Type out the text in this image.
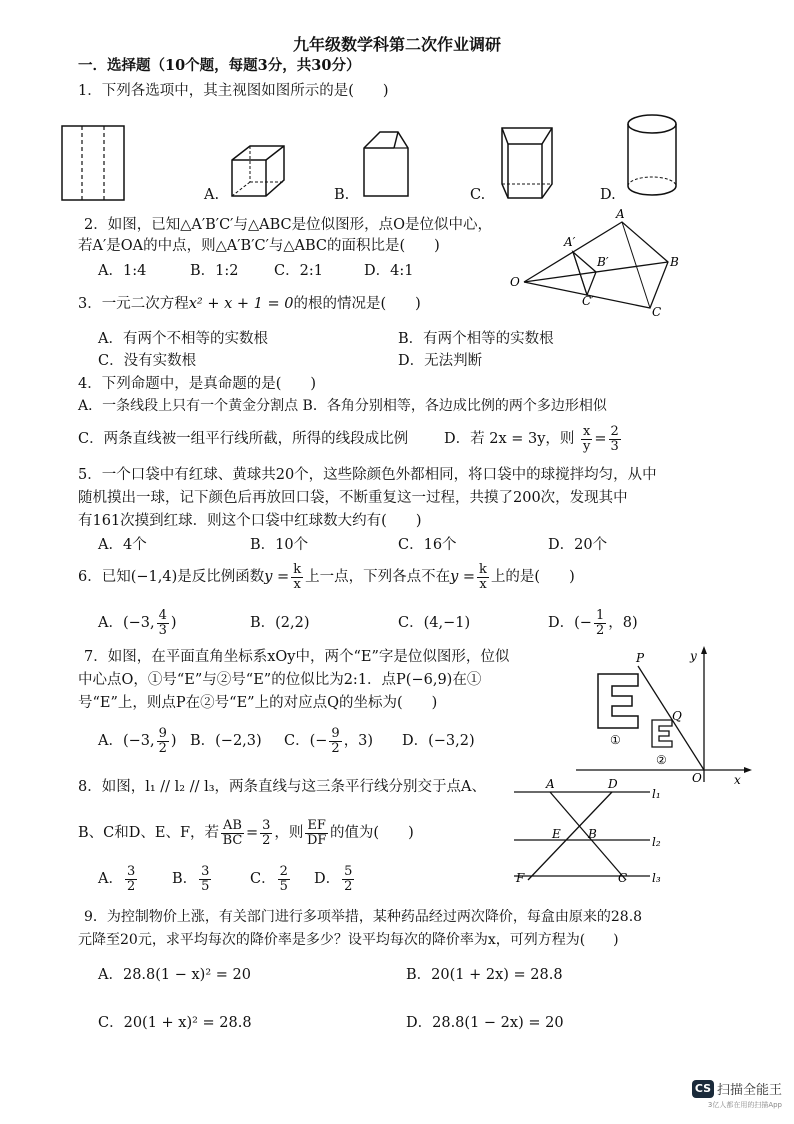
九年级数学科第二次作业调研
一．选择题（10个题，每题3分，共30分）
1．下列各选项中，其主视图如图所示的是(　　)
A.	B.	C.	D.
2．如图，已知△A′B′C′与△ABC是位似图形，点O是位似中心，
若A′是OA的中点，则△A′B′C′与△ABC的面积比是(　　)
A．1:4	B．1:2 C．2:1	D．4:1
O
A
B
C
A′
B′
C′
3．一元二次方程x² + x + 1 = 0的根的情况是(　　)
A．有两个不相等的实数根	B．有两个相等的实数根
C．没有实数根	D．无法判断
4．下列命题中，是真命题的是(　　)
A．一条线段上只有一个黄金分割点 B．各角分别相等，各边成比例的两个多边形相似
C．两条直线被一组平行线所截，所得的线段成比例 D．若 2x = 3y，则 $\frac{x}{y} = \frac{2}{3}$
5．一个口袋中有红球、黄球共20个，这些除颜色外都相同，将口袋中的球搅拌均匀，从中
随机摸出一球，记下颜色后再放回口袋，不断重复这一过程，共摸了200次，发现其中
有161次摸到红球．则这个口袋中红球数大约有(　　)
A．4个	B．10个	C．16个	D．20个
6．已知(−1,4)是反比例函数$y = \frac{k}{x}$ 上一点，下列各点不在$y = \frac{k}{x}$ 上的是(　　)
A．(−3, $\frac{4}{3}$ )	B．(2,2)	C．(4,−1)	D．(− $\frac{1}{2}$ ，8)
7．如图，在平面直角坐标系xOy中，两个“E”字是位似图形，位似
中心点O，①号“E”与②号“E”的位似比为2:1．点P(−6,9)在①
号“E”上，则点P在②号“E”上的对应点Q的坐标为(　　)
A．(−3, $\frac{9}{2}$ ) B．(−2,3) C．(− $\frac{9}{2}$ ，3) D．(−3,2)
P
Q
O	x
y
①
②
8．如图，l₁ // l₂ // l₃，两条直线与这三条平行线分别交于点A、
B、C和D、E、F，若 $\frac{AB}{BC} = \frac{3}{2}$ ，则 $\frac{EF}{DF}$ 的值为(　　)
A． $\frac{3}{2}$ B． $\frac{3}{5}$	C． $\frac{2}{5}$ D． $\frac{5}{2}$
A	D
E B
F	C
l₁
l₂
l₃
9．为控制物价上涨，有关部门进行多项举措，某种药品经过两次降价，每盒由原来的28.8
元降至20元，求平均每次的降价率是多少？设平均每次的降价率为x，可列方程为(　　)
A．28.8(1 − x)² = 20	B．20(1 + 2x) = 28.8
C．20(1 + x)² = 28.8	D．28.8(1 − 2x) = 20
CS 扫描全能王
3亿人都在用的扫描App
